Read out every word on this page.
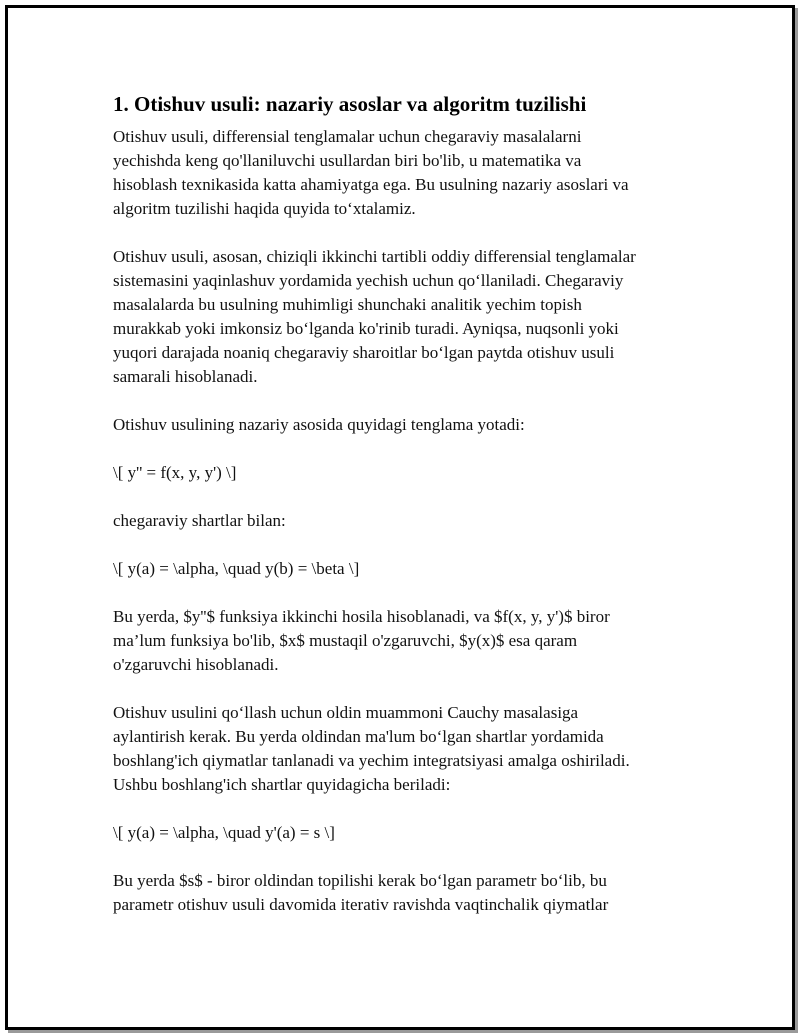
1. Otishuv usuli: nazariy asoslar va algoritm tuzilishi

Otishuv usuli, differensial tenglamalar uchun chegaraviy masalalarni
yechishda keng qo'llaniluvchi usullardan biri bo'lib, u matematika va
hisoblash texnikasida katta ahamiyatga ega. Bu usulning nazariy asoslari va
algoritm tuzilishi haqida quyida to‘xtalamiz.

Otishuv usuli, asosan, chiziqli ikkinchi tartibli oddiy differensial tenglamalar
sistemasini yaqinlashuv yordamida yechish uchun qo‘llaniladi. Chegaraviy
masalalarda bu usulning muhimligi shunchaki analitik yechim topish
murakkab yoki imkonsiz bo‘lganda ko'rinib turadi. Ayniqsa, nuqsonli yoki
yuqori darajada noaniq chegaraviy sharoitlar bo‘lgan paytda otishuv usuli
samarali hisoblanadi.

Otishuv usulining nazariy asosida quyidagi tenglama yotadi:

\[ y'' = f(x, y, y') \]

chegaraviy shartlar bilan:

\[ y(a) = \alpha, \quad y(b) = \beta \]

Bu yerda, $y''$ funksiya ikkinchi hosila hisoblanadi, va $f(x, y, y')$ biror
ma’lum funksiya bo'lib, $x$ mustaqil o'zgaruvchi, $y(x)$ esa qaram
o'zgaruvchi hisoblanadi.

Otishuv usulini qo‘llash uchun oldin muammoni Cauchy masalasiga
aylantirish kerak. Bu yerda oldindan ma'lum bo‘lgan shartlar yordamida
boshlang'ich qiymatlar tanlanadi va yechim integratsiyasi amalga oshiriladi.
Ushbu boshlang'ich shartlar quyidagicha beriladi:

\[ y(a) = \alpha, \quad y'(a) = s \]

Bu yerda $s$ - biror oldindan topilishi kerak bo‘lgan parametr bo‘lib, bu
parametr otishuv usuli davomida iterativ ravishda vaqtinchalik qiymatlar
